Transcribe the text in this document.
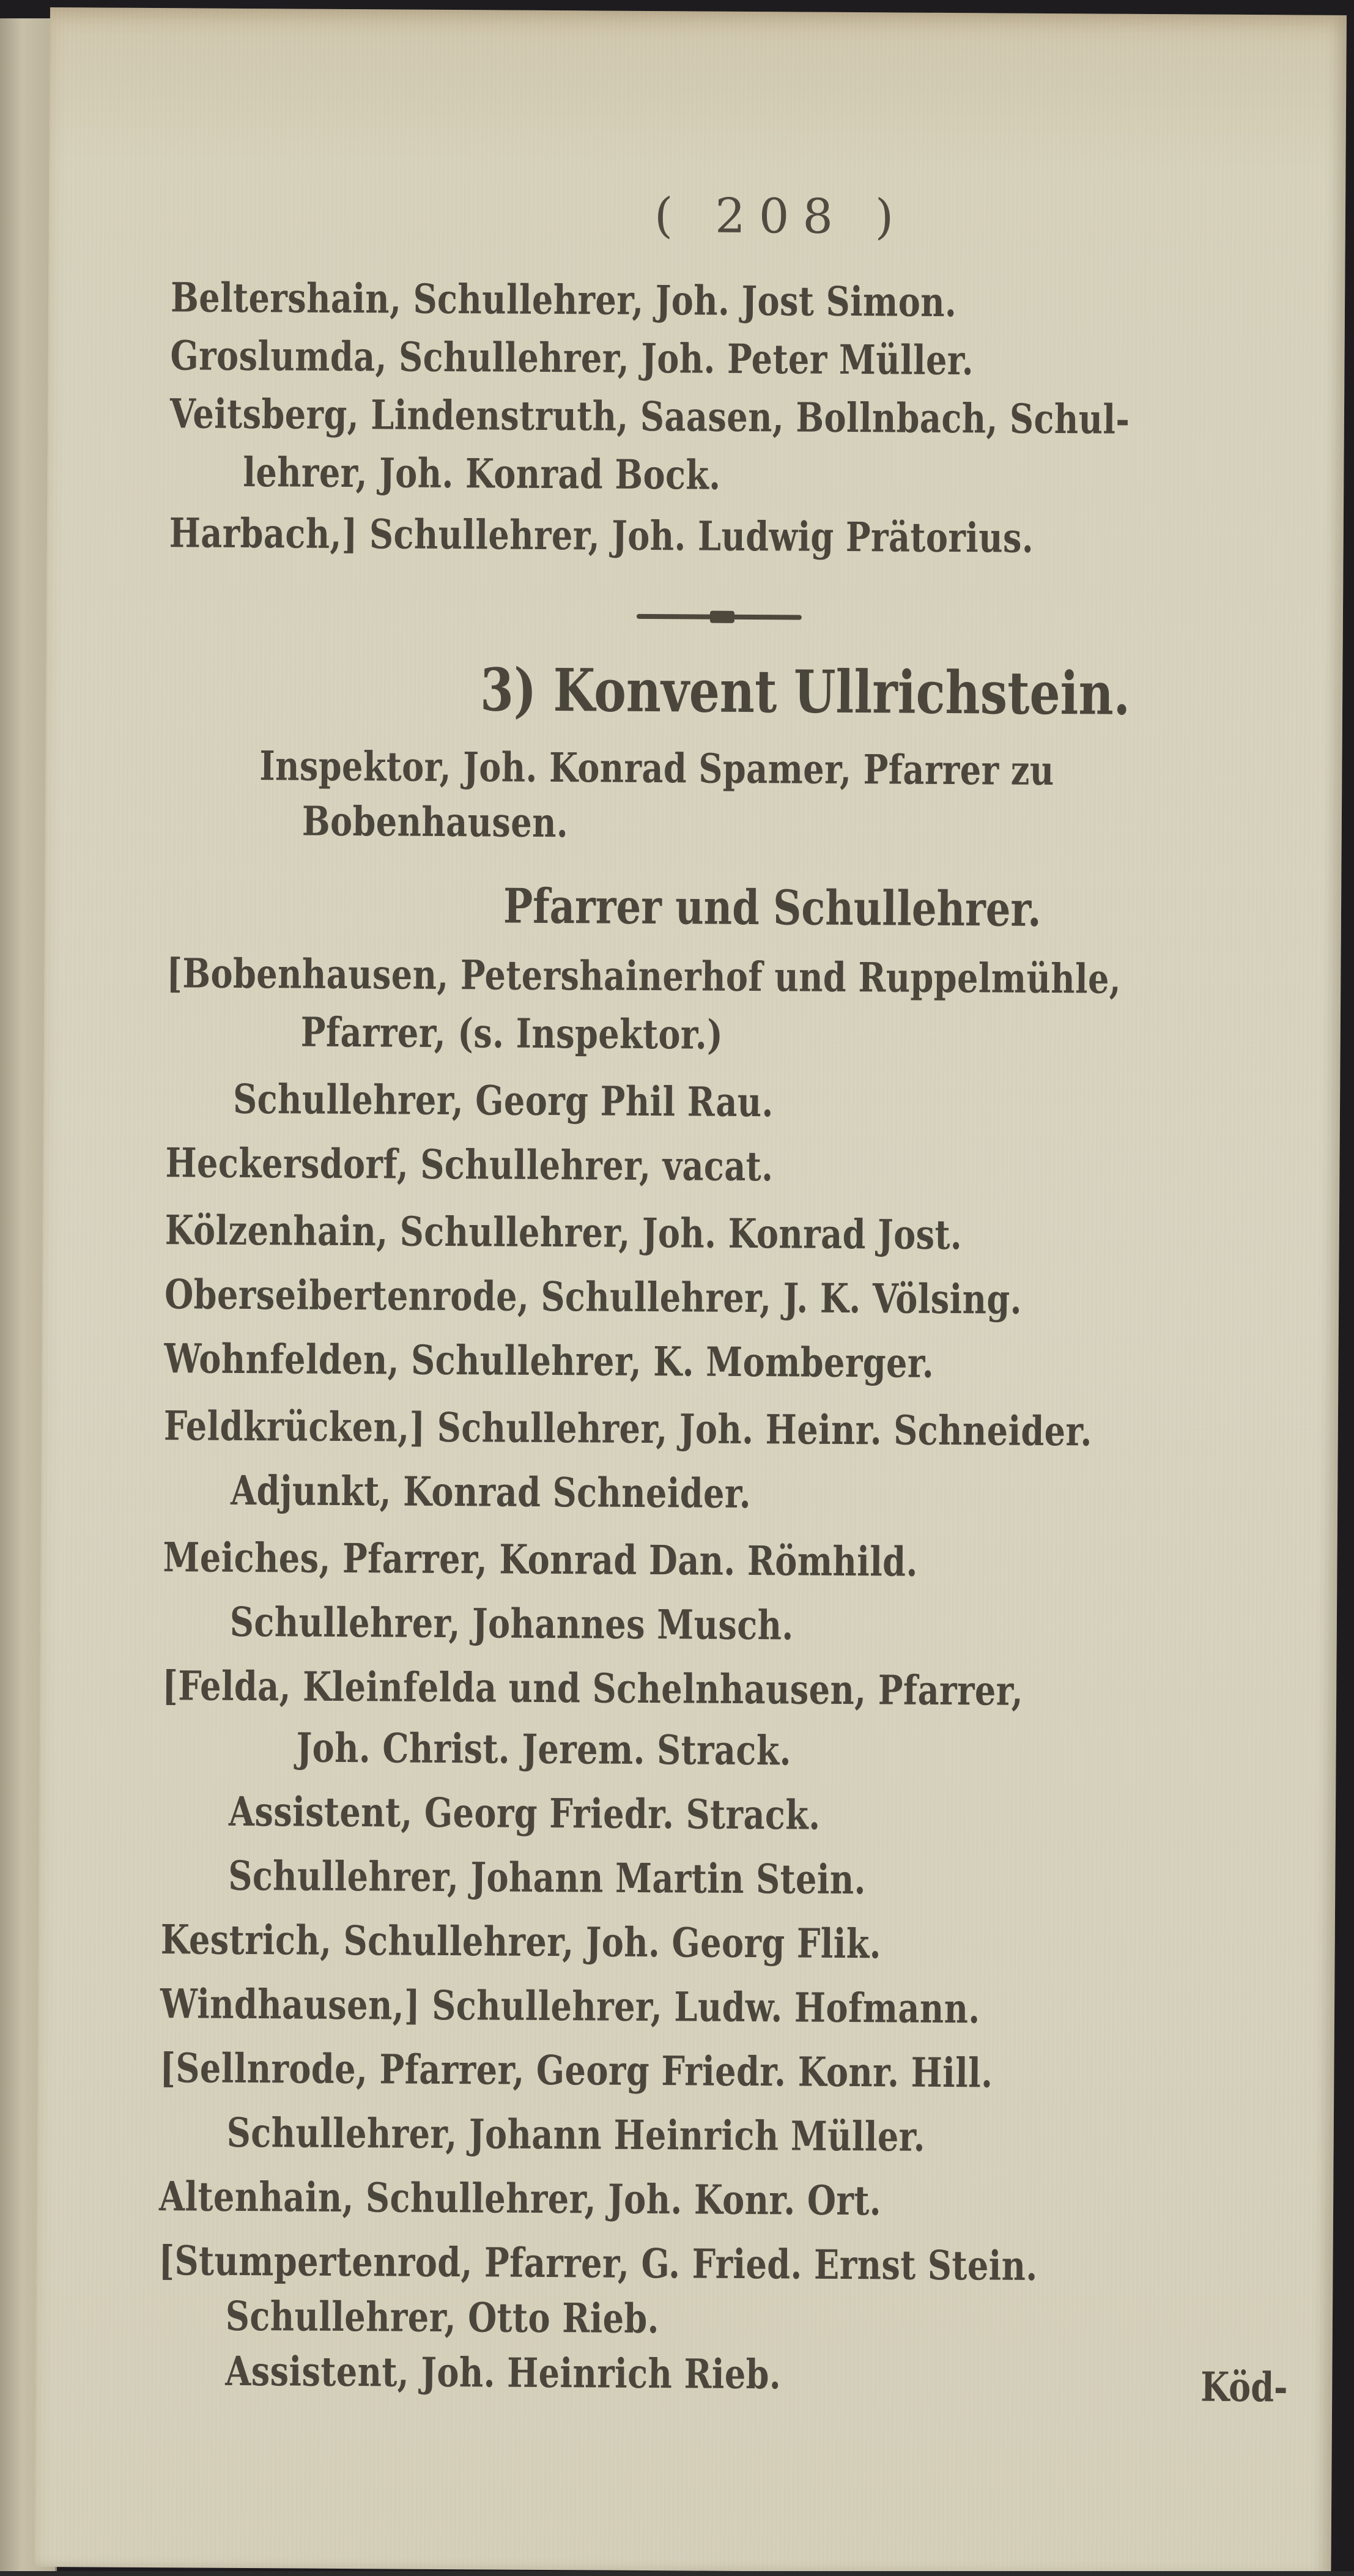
( 208 )
Beltershain, Schullehrer, Joh. Jost Simon.
Groslumda, Schullehrer, Joh. Peter Müller.
Veitsberg, Lindenstruth, Saasen, Bollnbach, Schul-
lehrer, Joh. Konrad Bock.
Harbach,] Schullehrer, Joh. Ludwig Prätorius.
3) Konvent Ullrichstein.
Inspektor, Joh. Konrad Spamer, Pfarrer zu
Bobenhausen.
Pfarrer und Schullehrer.
[Bobenhausen, Petershainerhof und Ruppelmühle,
Pfarrer, (s. Inspektor.)
Schullehrer, Georg Phil Rau.
Heckersdorf, Schullehrer, vacat.
Kölzenhain, Schullehrer, Joh. Konrad Jost.
Oberseibertenrode, Schullehrer, J. K. Völsing.
Wohnfelden, Schullehrer, K. Momberger.
Feldkrücken,] Schullehrer, Joh. Heinr. Schneider.
Adjunkt, Konrad Schneider.
Meiches, Pfarrer, Konrad Dan. Römhild.
Schullehrer, Johannes Musch.
[Felda, Kleinfelda und Schelnhausen, Pfarrer,
Joh. Christ. Jerem. Strack.
Assistent, Georg Friedr. Strack.
Schullehrer, Johann Martin Stein.
Kestrich, Schullehrer, Joh. Georg Flik.
Windhausen,] Schullehrer, Ludw. Hofmann.
[Sellnrode, Pfarrer, Georg Friedr. Konr. Hill.
Schullehrer, Johann Heinrich Müller.
Altenhain, Schullehrer, Joh. Konr. Ort.
[Stumpertenrod, Pfarrer, G. Fried. Ernst Stein.
Schullehrer, Otto Rieb.
Assistent, Joh. Heinrich Rieb.	Köd-
